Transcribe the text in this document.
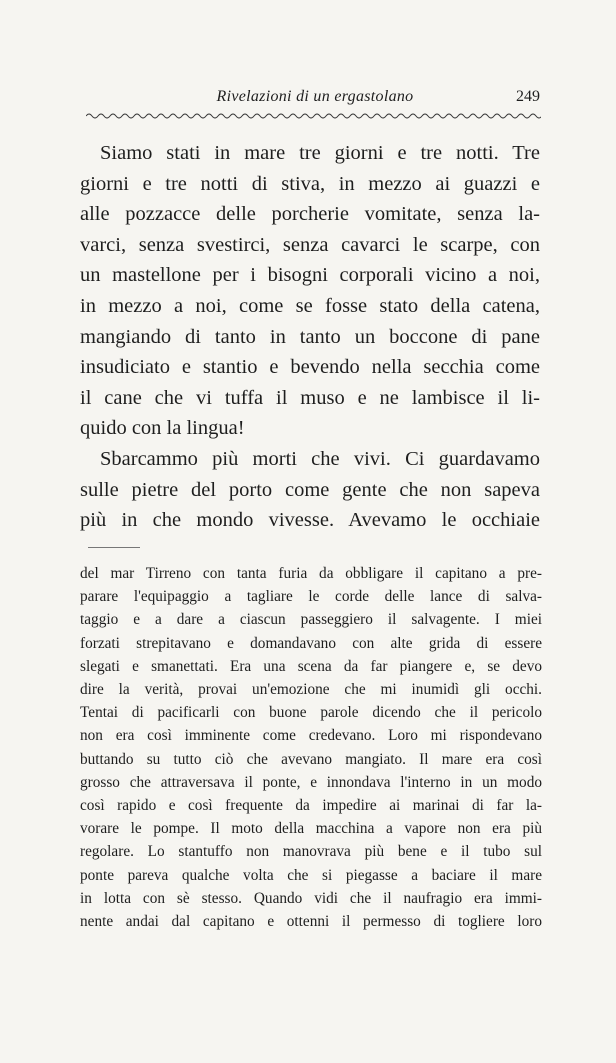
Rivelazioni di un ergastolano	249

Siamo stati in mare tre giorni e tre notti. Tre
giorni e tre notti di stiva, in mezzo ai guazzi e
alle pozzacce delle porcherie vomitate, senza la-
varci, senza svestirci, senza cavarci le scarpe, con
un mastellone per i bisogni corporali vicino a noi,
in mezzo a noi, come se fosse stato della catena,
mangiando di tanto in tanto un boccone di pane
insudiciato e stantio e bevendo nella secchia come
il cane che vi tuffa il muso e ne lambisce il li-
quido con la lingua!

Sbarcammo più morti che vivi. Ci guardavamo
sulle pietre del porto come gente che non sapeva
più in che mondo vivesse. Avevamo le occhiaie

del mar Tirreno con tanta furia da obbligare il capitano a pre-
parare l'equipaggio a tagliare le corde delle lance di salva-
taggio e a dare a ciascun passeggiero il salvagente. I miei
forzati strepitavano e domandavano con alte grida di essere
slegati e smanettati. Era una scena da far piangere e, se devo
dire la verità, provai un'emozione che mi inumidì gli occhi.
Tentai di pacificarli con buone parole dicendo che il pericolo
non era così imminente come credevano. Loro mi rispondevano
buttando su tutto ciò che avevano mangiato. Il mare era così
grosso che attraversava il ponte, e innondava l'interno in un modo
così rapido e così frequente da impedire ai marinai di far la-
vorare le pompe. Il moto della macchina a vapore non era più
regolare. Lo stantuffo non manovrava più bene e il tubo sul
ponte pareva qualche volta che si piegasse a baciare il mare
in lotta con sè stesso. Quando vidi che il naufragio era immi-
nente andai dal capitano e ottenni il permesso di togliere loro
